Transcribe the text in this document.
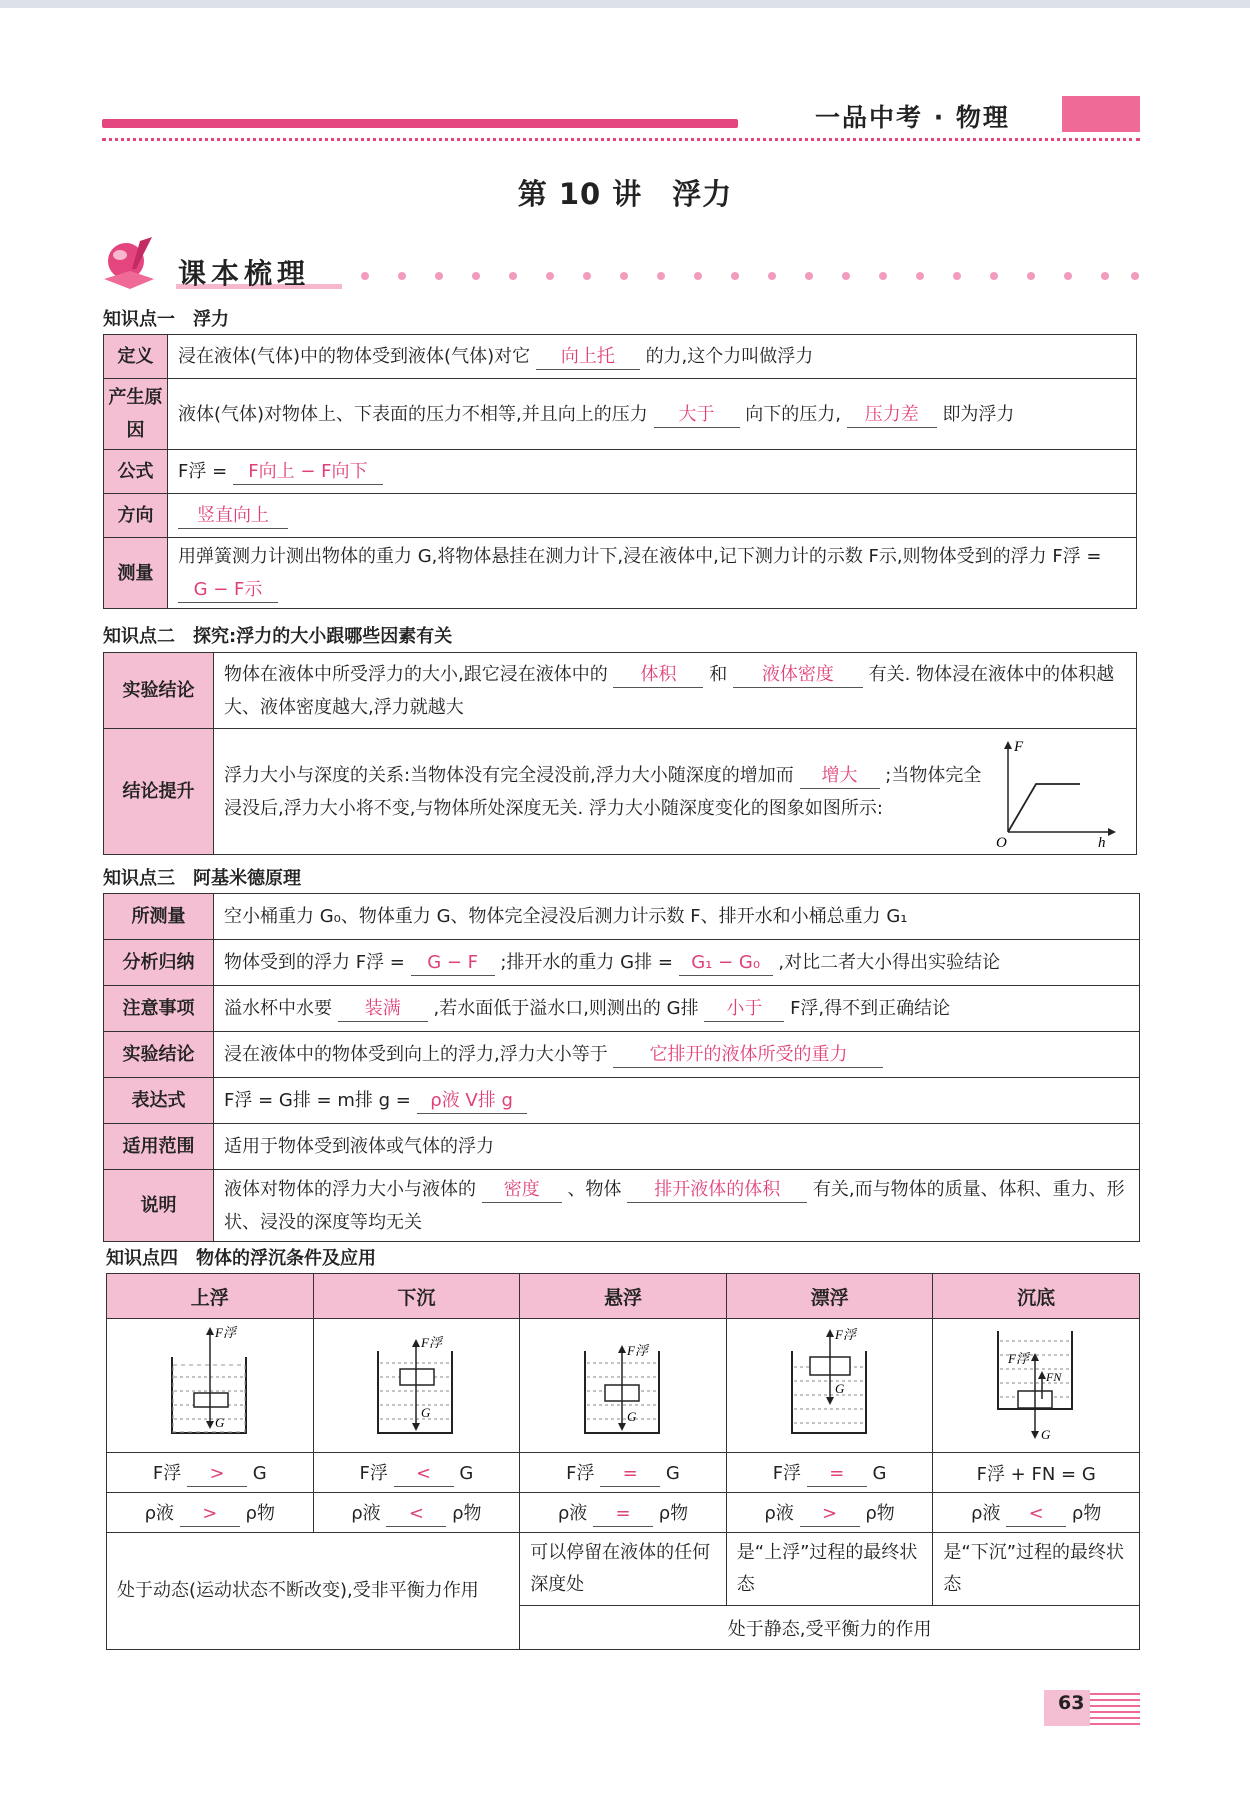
一品中考 · 物理
第 10 讲　浮力
课本梳理
知识点一　浮力
定义	浸在液体(气体)中的物体受到液体(气体)对它 向上托 的力,这个力叫做浮力
产生原因	液体(气体)对物体上、下表面的压力不相等,并且向上的压力 大于 向下的压力, 压力差 即为浮力
公式	F浮 = F向上 − F向下
方向	竖直向上
测量	用弹簧测力计测出物体的重力 G,将物体悬挂在测力计下,浸在液体中,记下测力计的示数 F示,则物体受到的浮力 F浮 = G − F示
知识点二　探究:浮力的大小跟哪些因素有关
实验结论	物体在液体中所受浮力的大小,跟它浸在液体中的 体积 和 液体密度 有关. 物体浸在液体中的体积越大、液体密度越大,浮力就越大
结论提升	浮力大小与深度的关系:当物体没有完全浸没前,浮力大小随深度的增加而 增大 ;当物体完全浸没后,浮力大小将不变,与物体所处深度无关. 浮力大小随深度变化的图象如图所示:
F
h
O
知识点三　阿基米德原理
所测量	空小桶重力 G₀、物体重力 G、物体完全浸没后测力计示数 F、排开水和小桶总重力 G₁
分析归纳	物体受到的浮力 F浮 = G − F ;排开水的重力 G排 = G₁ − G₀ ,对比二者大小得出实验结论
注意事项	溢水杯中水要 装满 ,若水面低于溢水口,则测出的 G排 小于 F浮,得不到正确结论
实验结论	浸在液体中的物体受到向上的浮力,浮力大小等于 它排开的液体所受的重力
表达式	F浮 = G排 = m排 g = ρ液 V排 g
适用范围	适用于物体受到液体或气体的浮力
说明	液体对物体的浮力大小与液体的 密度 、物体 排开液体的体积 有关,而与物体的质量、体积、重力、形状、浸没的深度等均无关
知识点四　物体的浮沉条件及应用
上浮	下沉	悬浮	漂浮	沉底

F浮
G	F浮
G	F浮
G	F浮
G	F浮
FN
G

F浮 > G	F浮 < G	F浮 = G	F浮 = G	F浮 + FN = G
ρ液 > ρ物	ρ液 < ρ物	ρ液 = ρ物	ρ液 > ρ物	ρ液 < ρ物
处于动态(运动状态不断改变),受非平衡力作用		可以停留在液体的任何深度处	是“上浮”过程的最终状态	是“下沉”过程的最终状态
		处于静态,受平衡力的作用		
63
